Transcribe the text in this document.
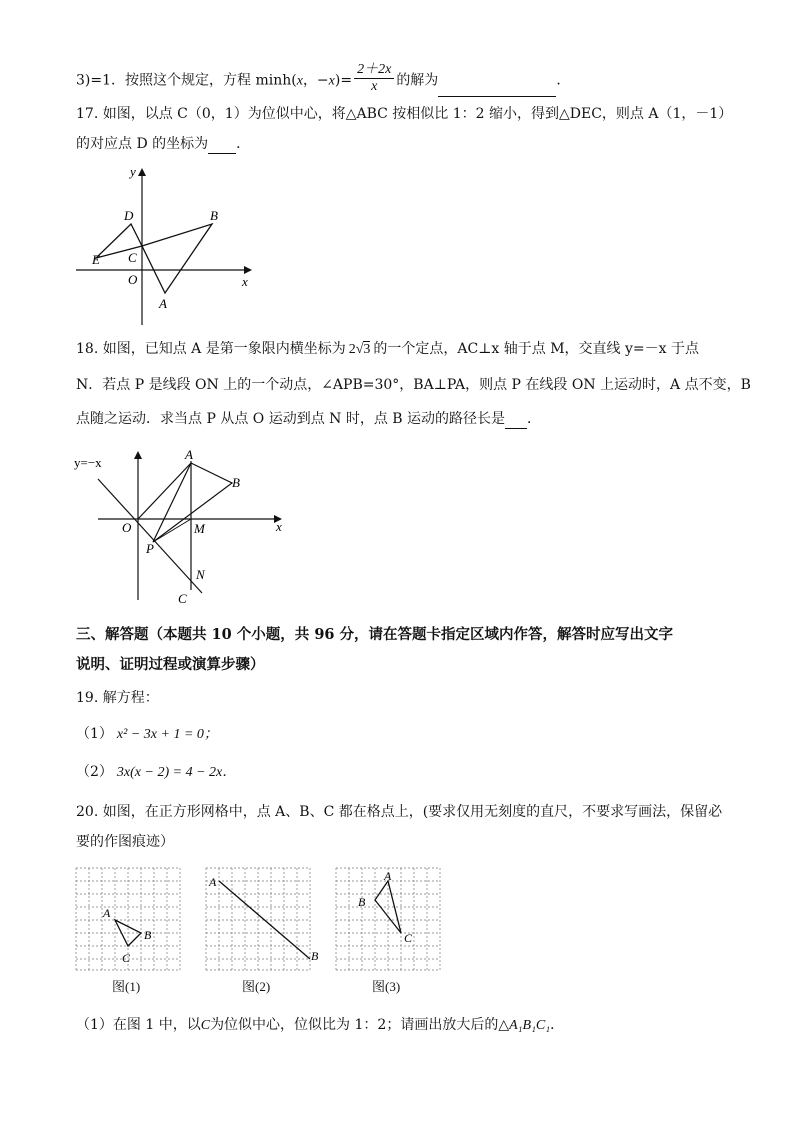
3)=1．按照这个规定，方程 minh(x，$-x)= \frac{2+2x}{x}$ 的解为	．
17. 如图，以点 C（0，1）为位似中心，将△ABC 按相似比 1：2 缩小，得到△DEC，则点 A（1，－1）
的对应点 D 的坐标为 ．
y
x
D	B
E C
O
A
18. 如图，已知点 A 是第一象限内横坐标为 2√3 的一个定点，AC⊥x 轴于点 M，交直线 y=－x 于点
N．若点 P 是线段 ON 上的一个动点，∠APB=30°，BA⊥PA，则点 P 在线段 ON 上运动时，A 点不变，B
点随之运动．求当点 P 从点 O 运动到点 N 时，点 B 运动的路径长是 ．
y=−x
A
B
O	M	x
P
N
C
三、解答题（本题共 10 个小题，共 96 分，请在答题卡指定区域内作答，解答时应写出文字
说明、证明过程或演算步骤）
19. 解方程：
（1） x² − 3x + 1 = 0；
（2） 3x(x − 2) = 4 − 2x．
20. 如图，在正方形网格中，点 A、B、C 都在格点上，(要求仅用无刻度的直尺，不要求写画法，保留必
要的作图痕迹）
A
B
C
A
B
A
B
C
图(1)	图(2)	图(3)
（1）在图 1 中，以C为位似中心，位似比为 1：2；请画出放大后的△A₁B₁C₁．
